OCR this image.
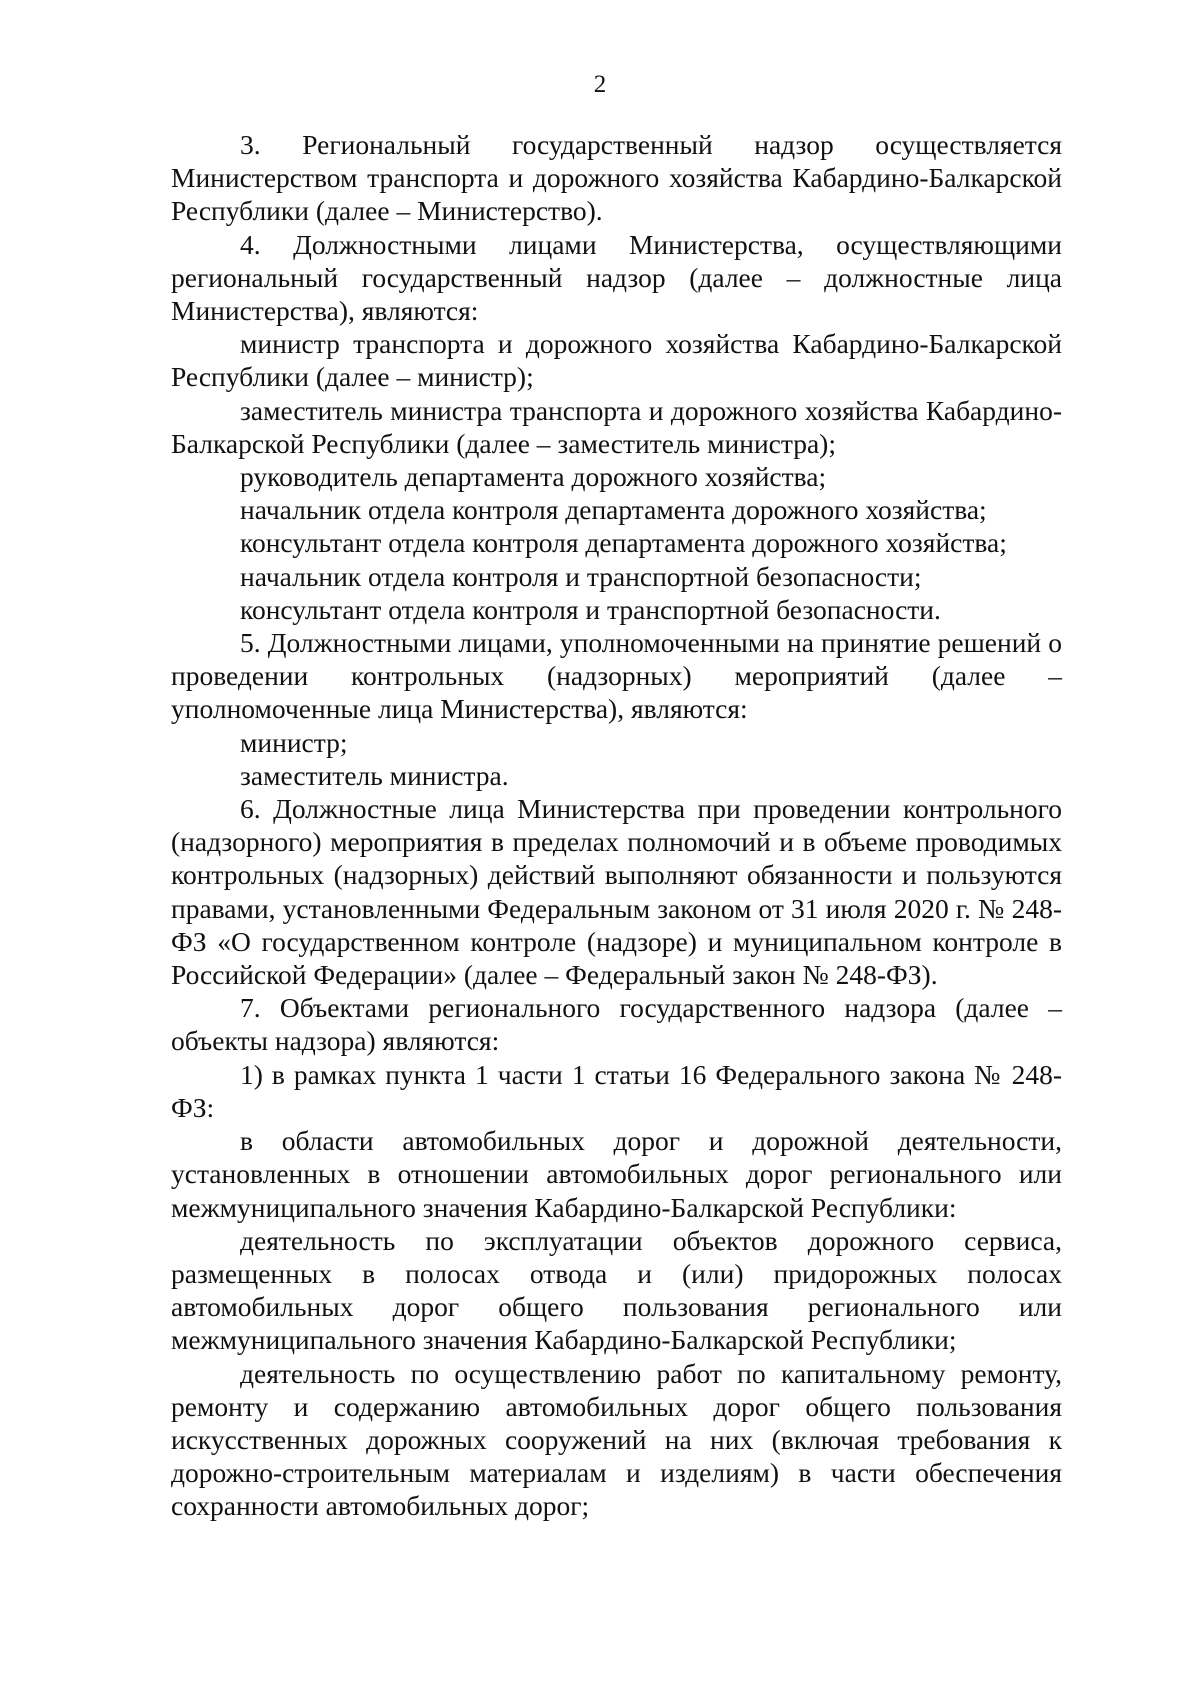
2

3. Региональный государственный надзор осуществляется Министерством транспорта и дорожного хозяйства Кабардино-Балкарской Республики (далее – Министерство).

4. Должностными лицами Министерства, осуществляющими региональный государственный надзор (далее – должностные лица Министерства), являются:

министр транспорта и дорожного хозяйства Кабардино-Балкарской Республики (далее – министр);

заместитель министра транспорта и дорожного хозяйства Кабардино-Балкарской Республики (далее – заместитель министра);

руководитель департамента дорожного хозяйства;

начальник отдела контроля департамента дорожного хозяйства;

консультант отдела контроля департамента дорожного хозяйства;

начальник отдела контроля и транспортной безопасности;

консультант отдела контроля и транспортной безопасности.

5. Должностными лицами, уполномоченными на принятие решений о проведении контрольных (надзорных) мероприятий (далее – уполномоченные лица Министерства), являются:

министр;

заместитель министра.

6. Должностные лица Министерства при проведении контрольного (надзорного) мероприятия в пределах полномочий и в объеме проводимых контрольных (надзорных) действий выполняют обязанности и пользуются правами, установленными Федеральным законом от 31 июля 2020 г. № 248-ФЗ «О государственном контроле (надзоре) и муниципальном контроле в Российской Федерации» (далее – Федеральный закон № 248-ФЗ).

7. Объектами регионального государственного надзора (далее – объекты надзора) являются:

1) в рамках пункта 1 части 1 статьи 16 Федерального закона № 248-ФЗ:

в области автомобильных дорог и дорожной деятельности, установленных в отношении автомобильных дорог регионального или межмуниципального значения Кабардино-Балкарской Республики:

деятельность по эксплуатации объектов дорожного сервиса, размещенных в полосах отвода и (или) придорожных полосах автомобильных дорог общего пользования регионального или межмуниципального значения Кабардино-Балкарской Республики;

деятельность по осуществлению работ по капитальному ремонту, ремонту и содержанию автомобильных дорог общего пользования искусственных дорожных сооружений на них (включая требования к дорожно-строительным материалам и изделиям) в части обеспечения сохранности автомобильных дорог;
